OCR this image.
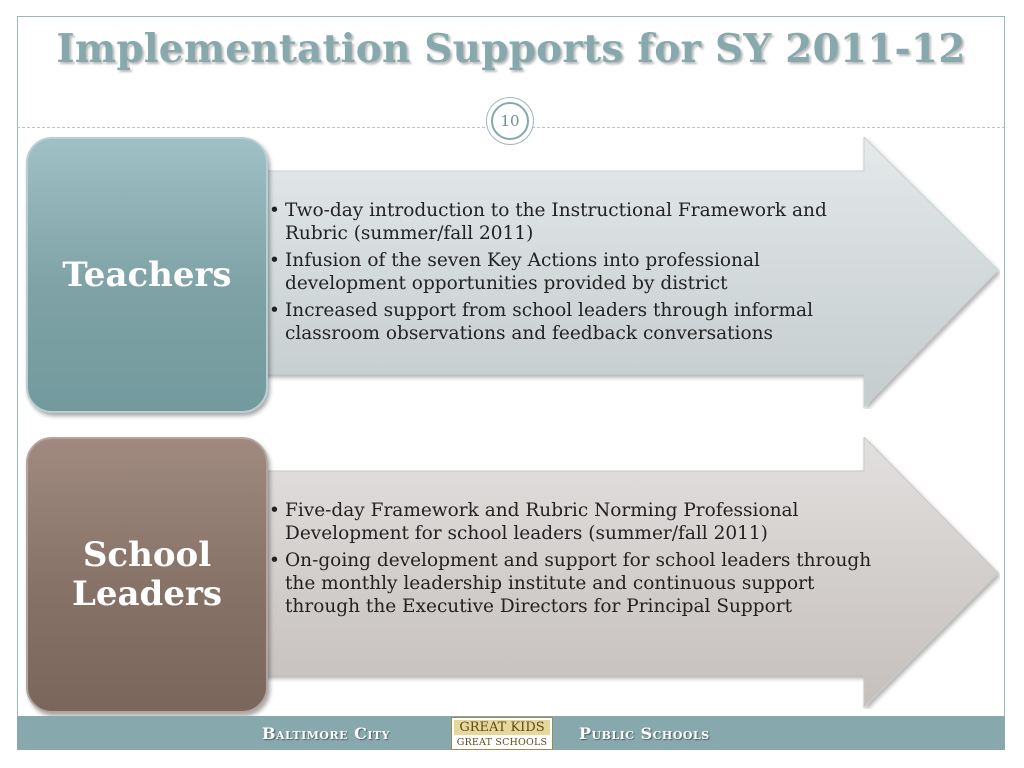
Implementation Supports for SY 2011-12
10
Teachers
• Two-day introduction to the Instructional Framework and Rubric (summer/fall 2011)
• Infusion of the seven Key Actions into professional development opportunities provided by district
• Increased support from school leaders through informal classroom observations and feedback conversations
School
Leaders
• Five-day Framework and Rubric Norming Professional Development for school leaders (summer/fall 2011)
• On-going development and support for school leaders through the monthly leadership institute and continuous support through the Executive Directors for Principal Support
Baltimore City	Public Schools
GREAT KIDS
GREAT SCHOOLS
